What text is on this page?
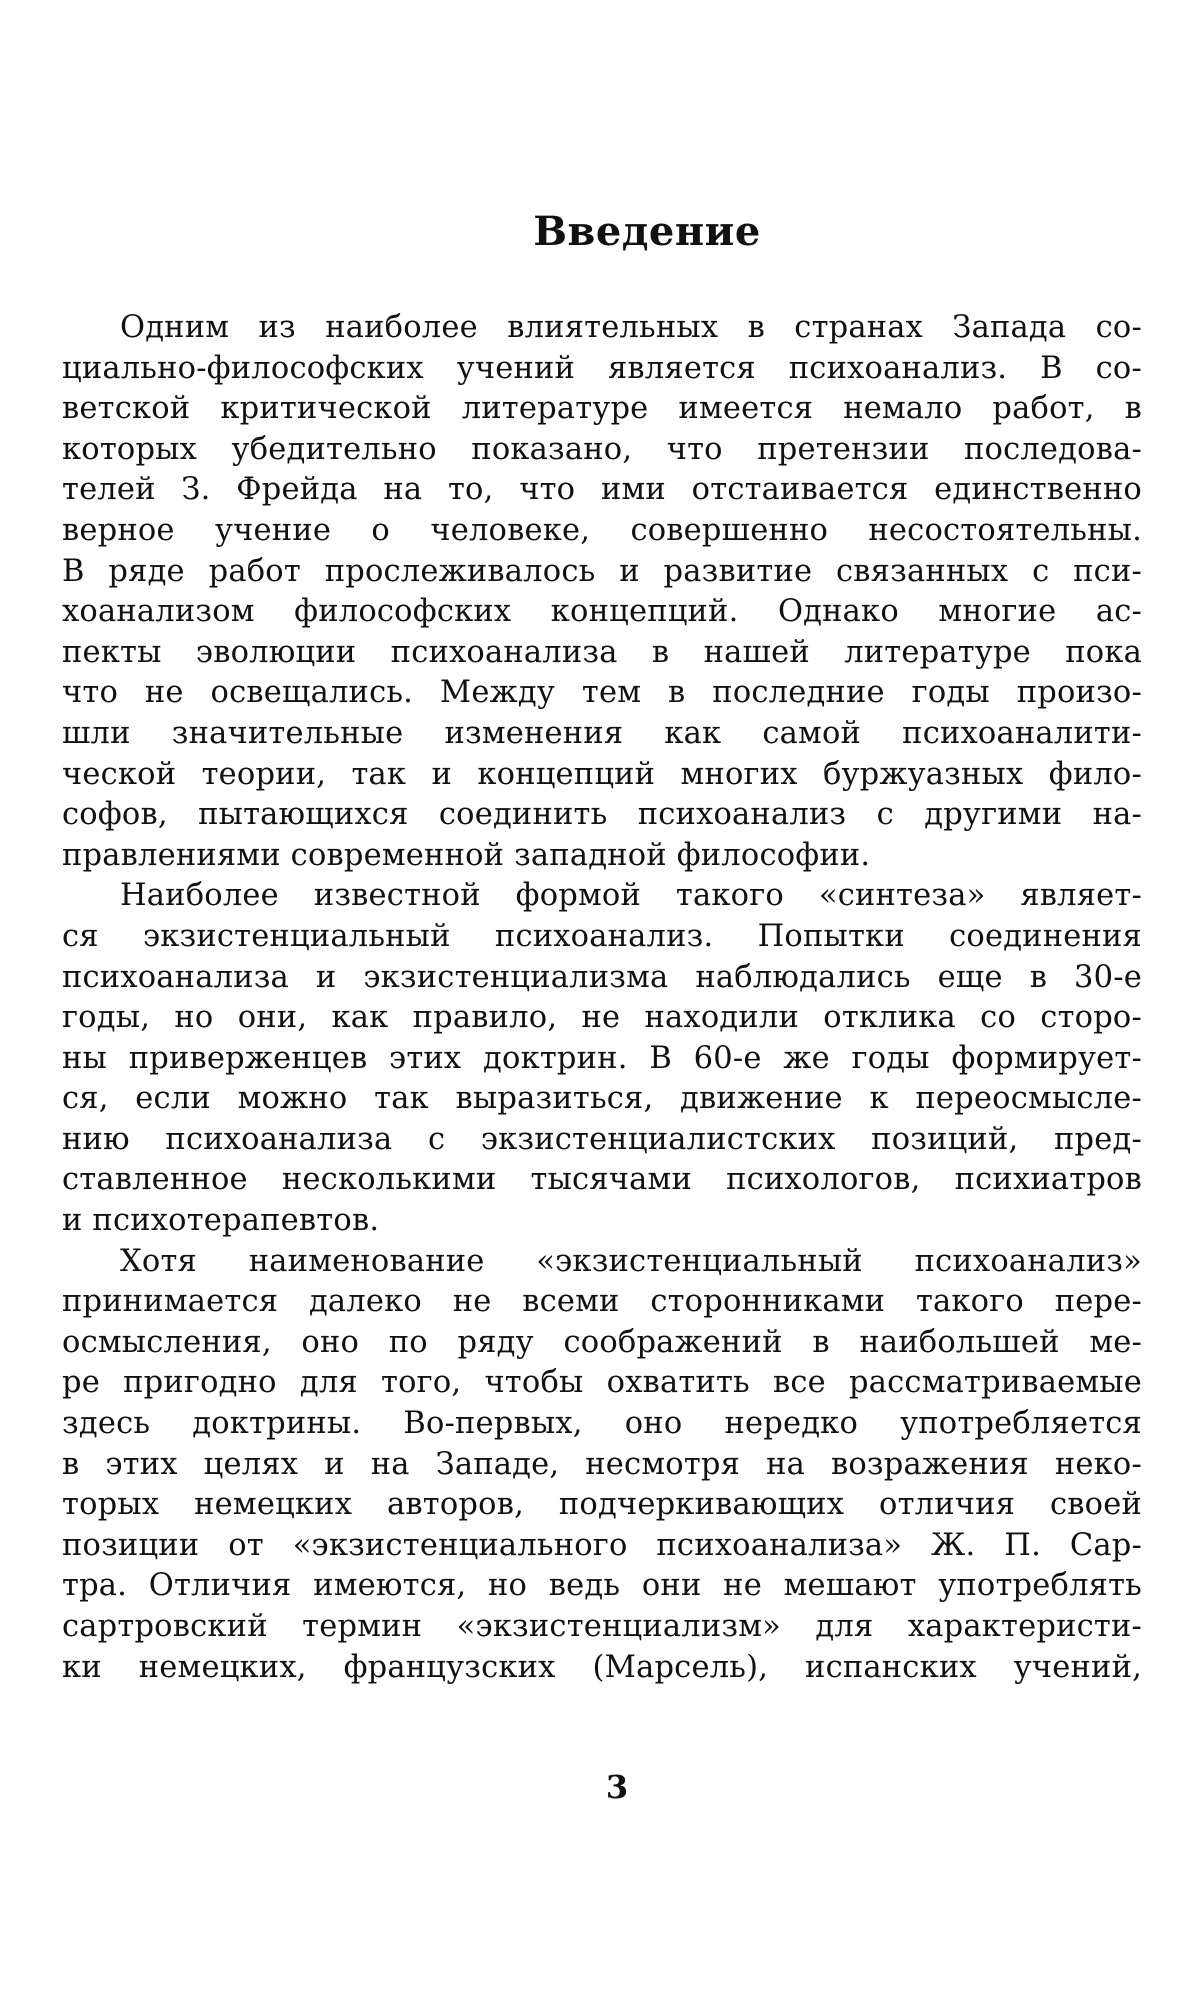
Введение
Одним из наиболее влиятельных в странах Запада со-
циально-философских учений является психоанализ. В со-
ветской критической литературе имеется немало работ, в
которых убедительно показано, что претензии последова-
телей З. Фрейда на то, что ими отстаивается единственно
верное учение о человеке, совершенно несостоятельны.
В ряде работ прослеживалось и развитие связанных с пси-
хоанализом философских концепций. Однако многие ас-
пекты эволюции психоанализа в нашей литературе пока
что не освещались. Между тем в последние годы произо-
шли значительные изменения как самой психоаналити-
ческой теории, так и концепций многих буржуазных фило-
софов, пытающихся соединить психоанализ с другими на-
правлениями современной западной философии.
Наиболее известной формой такого «синтеза» являет-
ся экзистенциальный психоанализ. Попытки соединения
психоанализа и экзистенциализма наблюдались еще в 30-е
годы, но они, как правило, не находили отклика со сторо-
ны приверженцев этих доктрин. В 60-е же годы формирует-
ся, если можно так выразиться, движение к переосмысле-
нию психоанализа с экзистенциалистских позиций, пред-
ставленное несколькими тысячами психологов, психиатров
и психотерапевтов.
Хотя наименование «экзистенциальный психоанализ»
принимается далеко не всеми сторонниками такого пере-
осмысления, оно по ряду соображений в наибольшей ме-
ре пригодно для того, чтобы охватить все рассматриваемые
здесь доктрины. Во-первых, оно нередко употребляется
в этих целях и на Западе, несмотря на возражения неко-
торых немецких авторов, подчеркивающих отличия своей
позиции от «экзистенциального психоанализа» Ж. П. Сар-
тра. Отличия имеются, но ведь они не мешают употреблять
сартровский термин «экзистенциализм» для характеристи-
ки немецких, французских (Марсель), испанских учений,
3
